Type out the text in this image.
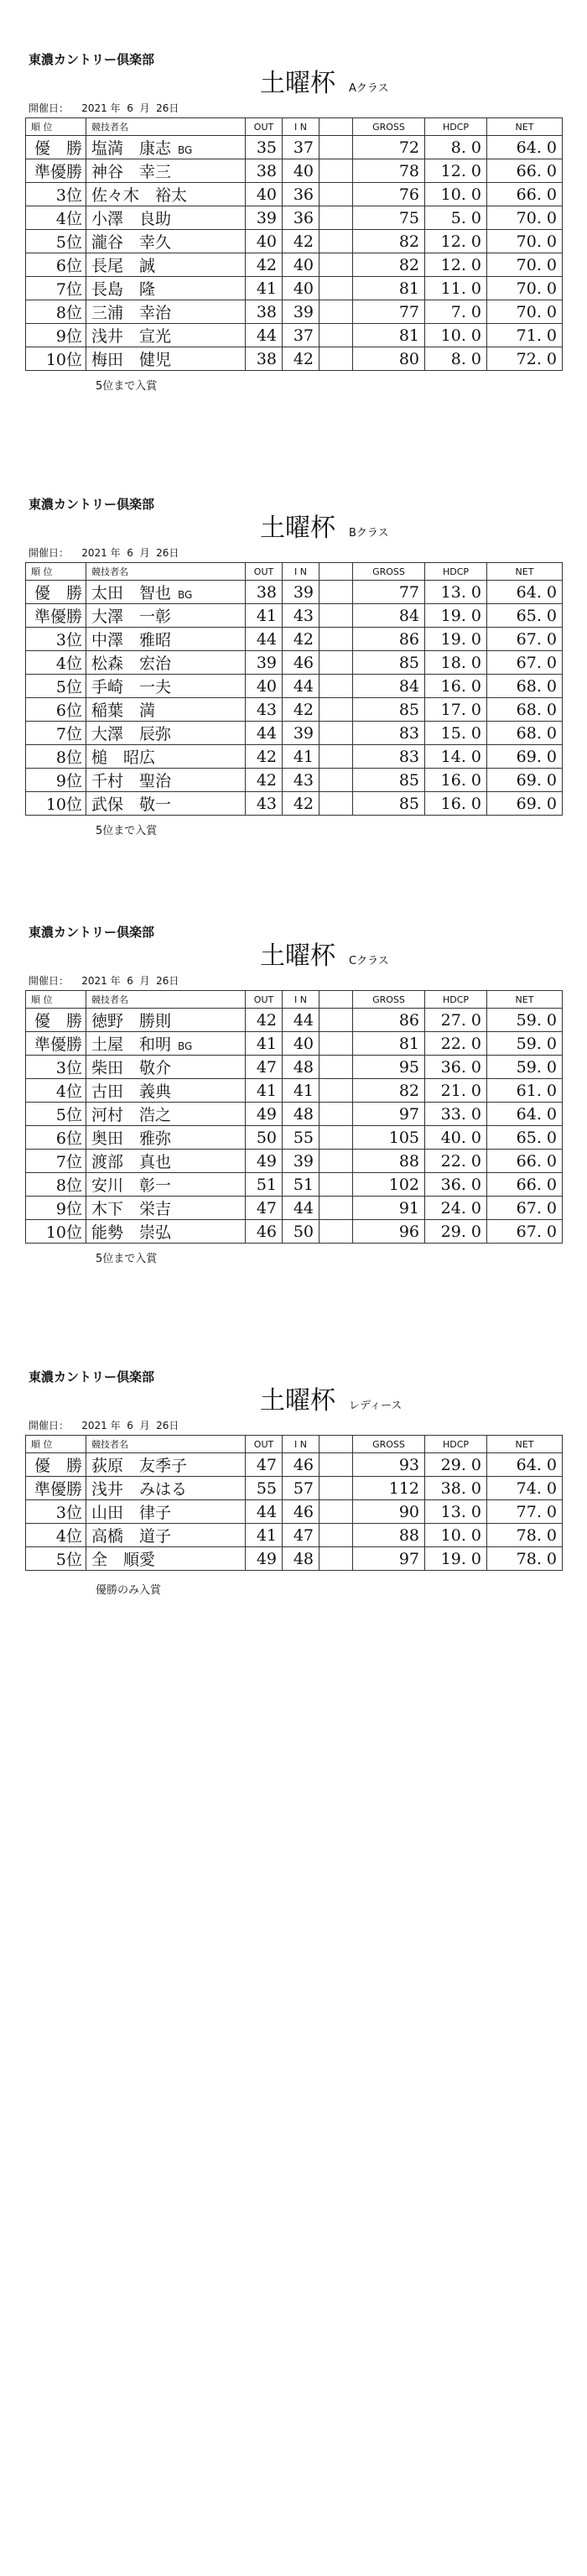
東濃カントリー倶楽部
土曜杯 Aクラス
開催日：    2021 年  6  月  26日
順 位	競技者名	OUT	I N		GROSS	HDCP	NET
優　勝	塩満　康志 BG	35	37		72	8. 0	64. 0
準優勝	神谷　幸三	38	40		78	12. 0	66. 0
3位	佐々木　裕太	40	36		76	10. 0	66. 0
4位	小澤　良助	39	36		75	5. 0	70. 0
5位	瀧谷　幸久	40	42		82	12. 0	70. 0
6位	長尾　誠	42	40		82	12. 0	70. 0
7位	長島　隆	41	40		81	11. 0	70. 0
8位	三浦　幸治	38	39		77	7. 0	70. 0
9位	浅井　宣光	44	37		81	10. 0	71. 0
10位	梅田　健児	38	42		80	8. 0	72. 0
5位まで入賞
東濃カントリー倶楽部
土曜杯 Bクラス
開催日：    2021 年  6  月  26日
順 位	競技者名	OUT	I N		GROSS	HDCP	NET
優　勝	太田　智也 BG	38	39		77	13. 0	64. 0
準優勝	大澤　一彰	41	43		84	19. 0	65. 0
3位	中澤　雅昭	44	42		86	19. 0	67. 0
4位	松森　宏治	39	46		85	18. 0	67. 0
5位	手崎　一夫	40	44		84	16. 0	68. 0
6位	稲葉　満	43	42		85	17. 0	68. 0
7位	大澤　辰弥	44	39		83	15. 0	68. 0
8位	槌　昭広	42	41		83	14. 0	69. 0
9位	千村　聖治	42	43		85	16. 0	69. 0
10位	武保　敬一	43	42		85	16. 0	69. 0
5位まで入賞
東濃カントリー倶楽部
土曜杯 Cクラス
開催日：    2021 年  6  月  26日
順 位	競技者名	OUT	I N		GROSS	HDCP	NET
優　勝	徳野　勝則	42	44		86	27. 0	59. 0
準優勝	土屋　和明 BG	41	40		81	22. 0	59. 0
3位	柴田　敬介	47	48		95	36. 0	59. 0
4位	古田　義典	41	41		82	21. 0	61. 0
5位	河村　浩之	49	48		97	33. 0	64. 0
6位	奥田　雅弥	50	55		105	40. 0	65. 0
7位	渡部　真也	49	39		88	22. 0	66. 0
8位	安川　彰一	51	51		102	36. 0	66. 0
9位	木下　栄吉	47	44		91	24. 0	67. 0
10位	能勢　崇弘	46	50		96	29. 0	67. 0
5位まで入賞
東濃カントリー倶楽部
土曜杯 レディース
開催日：    2021 年  6  月  26日
順 位	競技者名	OUT	I N		GROSS	HDCP	NET
優　勝	荻原　友季子	47	46		93	29. 0	64. 0
準優勝	浅井　みはる	55	57		112	38. 0	74. 0
3位	山田　律子	44	46		90	13. 0	77. 0
4位	高橋　道子	41	47		88	10. 0	78. 0
5位	全　順愛	49	48		97	19. 0	78. 0
優勝のみ入賞
